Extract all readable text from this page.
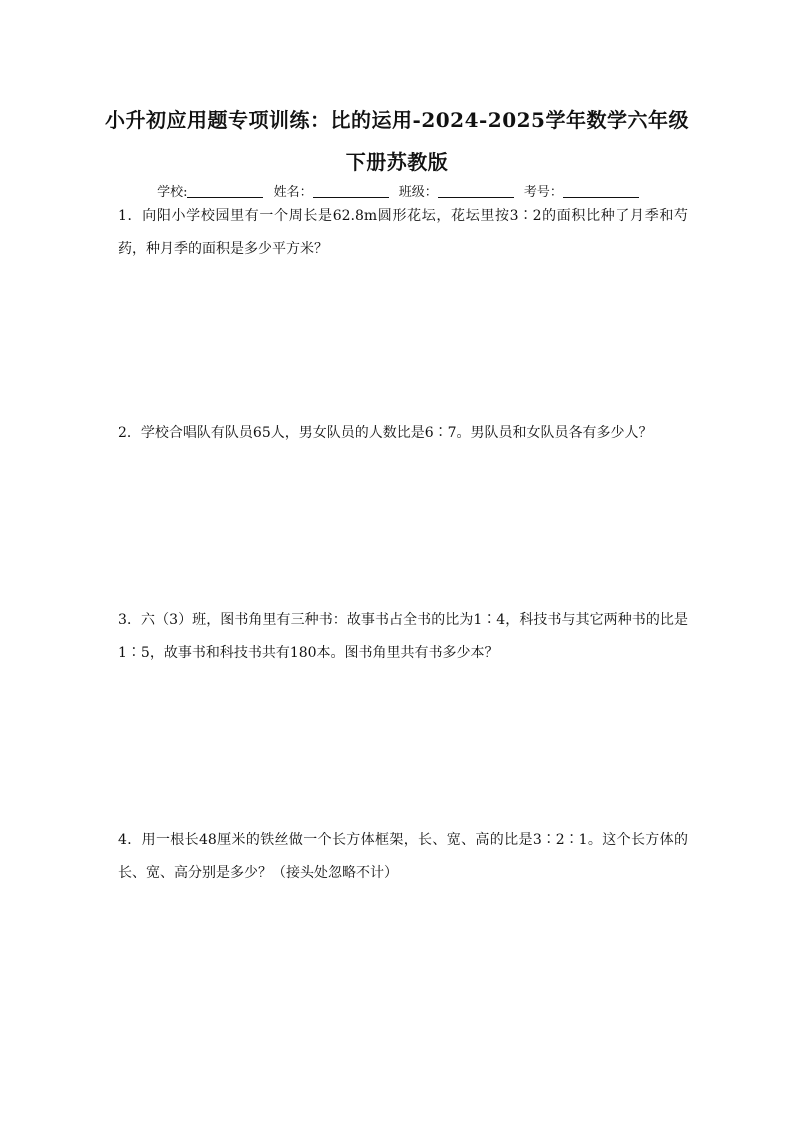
小升初应用题专项训练：比的运用-2024-2025学年数学六年级
下册苏教版
学校:	姓名：	班级：	考号：
1．向阳小学校园里有一个周长是62.8m圆形花坛，花坛里按3∶2的面积比种了月季和芍药，种月季的面积是多少平方米？
2．学校合唱队有队员65人，男女队员的人数比是6∶7。男队员和女队员各有多少人？
3．六（3）班，图书角里有三种书：故事书占全书的比为1∶4，科技书与其它两种书的比是1∶5，故事书和科技书共有180本。图书角里共有书多少本？
4．用一根长48厘米的铁丝做一个长方体框架，长、宽、高的比是3∶2∶1。这个长方体的长、宽、高分别是多少？（接头处忽略不计）
